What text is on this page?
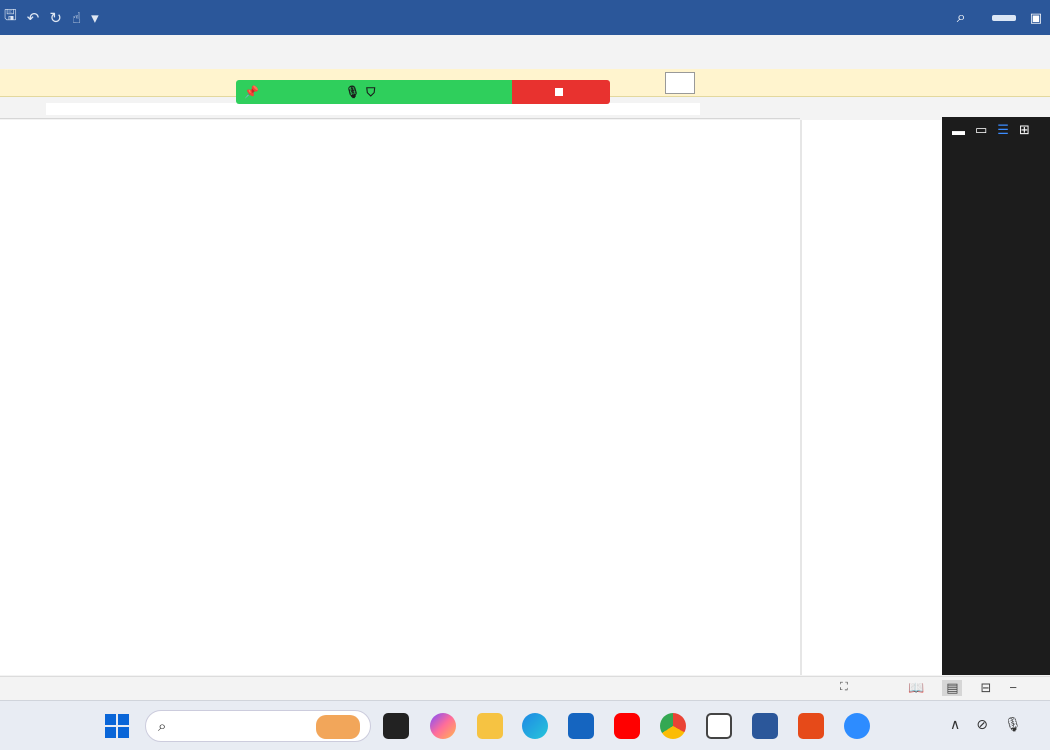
🖫 ↶ ↻ ☝ ▾	⌕	▣
📌	🎙 ⛉
▬ ▭ ☰ ⊞
⛶	📖	▤	⊟ −
⌕	∧ ⊘ 🎙
